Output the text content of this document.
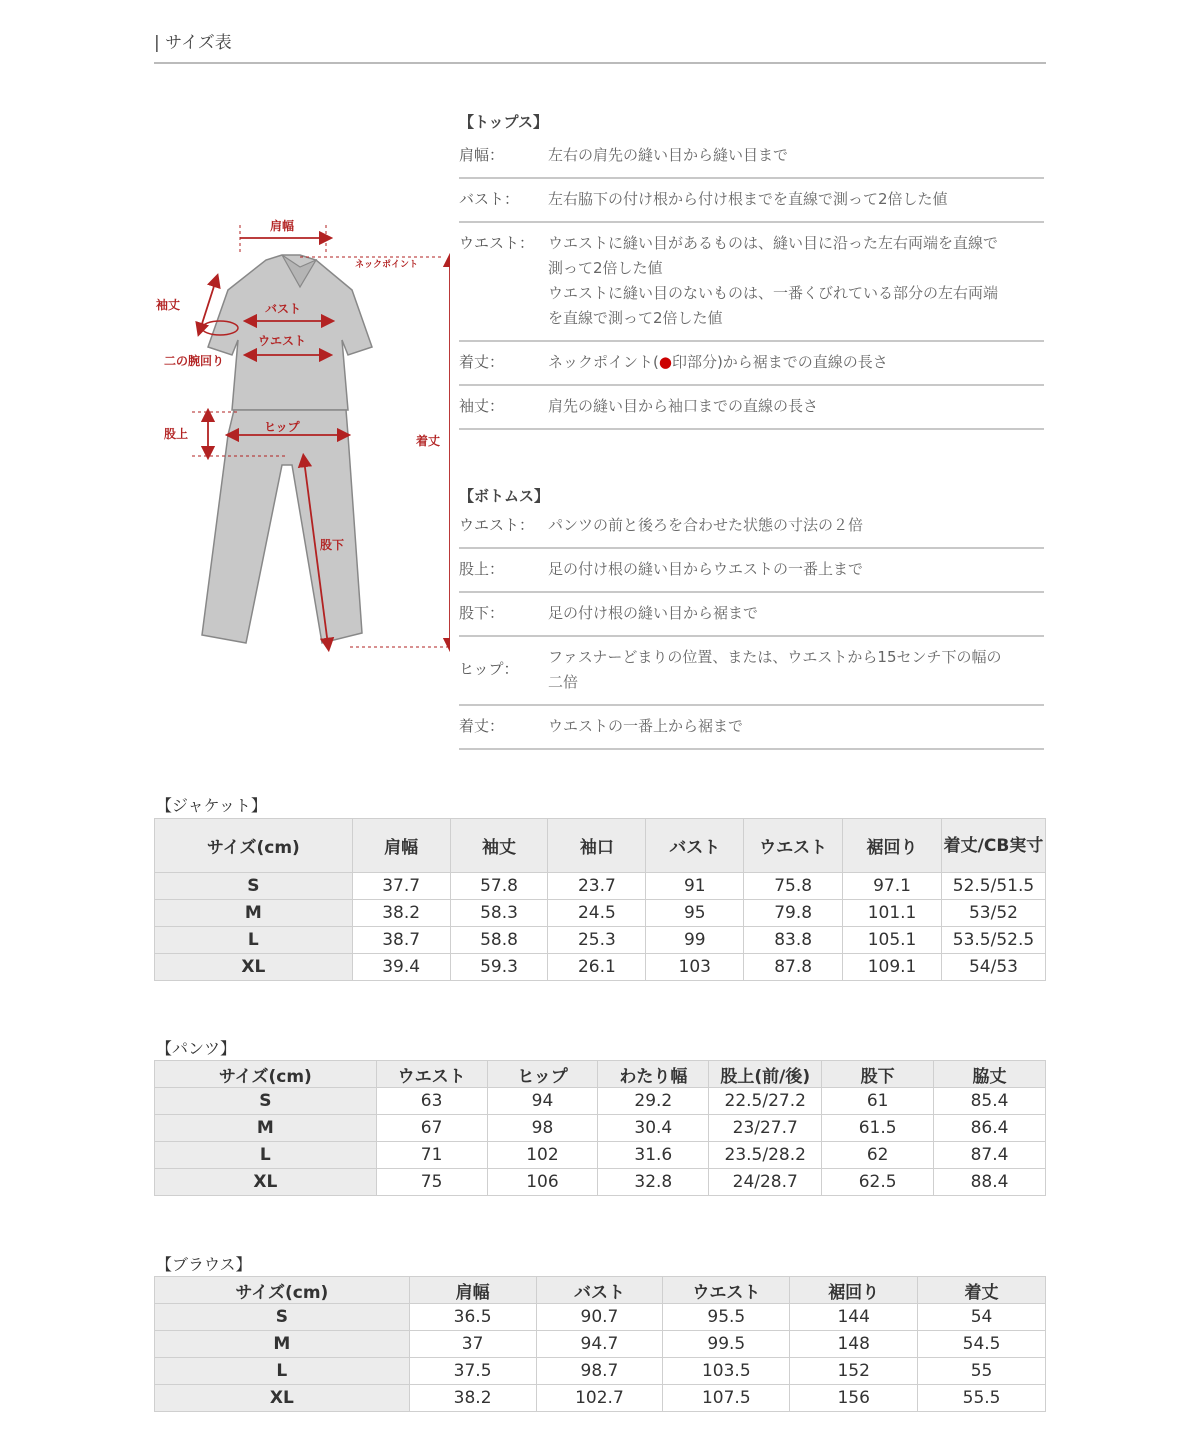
| サイズ表
肩幅
ネックポイント
袖丈	バスト
二の腕回り
ウエスト
股上	ヒップ
着丈
股下
【トップス】
肩幅：	左右の肩先の縫い目から縫い目まで
バスト：	左右脇下の付け根から付け根までを直線で測って2倍した値
ウエスト： ウエストに縫い目があるものは、縫い目に沿った左右両端を直線で
測って2倍した値
ウエストに縫い目のないものは、一番くびれている部分の左右両端
を直線で測って2倍した値
着丈：	ネックポイント(●印部分)から裾までの直線の長さ
袖丈：	肩先の縫い目から袖口までの直線の長さ
【ボトムス】
ウエスト： パンツの前と後ろを合わせた状態の寸法の２倍
股上：	足の付け根の縫い目からウエストの一番上まで
股下：	足の付け根の縫い目から裾まで
ヒップ：
ファスナーどまりの位置、または、ウエストから15センチ下の幅の
二倍
着丈：	ウエストの一番上から裾まで
【ジャケット】
サイズ(cm)	肩幅	袖丈	袖口	バスト	ウエスト	裾回り	着丈/CB実寸
S	37.7	57.8	23.7	91	75.8	97.1	52.5/51.5
M	38.2	58.3	24.5	95	79.8	101.1	53/52
L	38.7	58.8	25.3	99	83.8	105.1	53.5/52.5
XL	39.4	59.3	26.1	103	87.8	109.1	54/53
【パンツ】
サイズ(cm)	ウエスト	ヒップ	わたり幅	股上(前/後)	股下	脇丈
S	63	94	29.2	22.5/27.2	61	85.4
M	67	98	30.4	23/27.7	61.5	86.4
L	71	102	31.6	23.5/28.2	62	87.4
XL	75	106	32.8	24/28.7	62.5	88.4
【ブラウス】
サイズ(cm)	肩幅	バスト	ウエスト	裾回り	着丈
S	36.5	90.7	95.5	144	54
M	37	94.7	99.5	148	54.5
L	37.5	98.7	103.5	152	55
XL	38.2	102.7	107.5	156	55.5
